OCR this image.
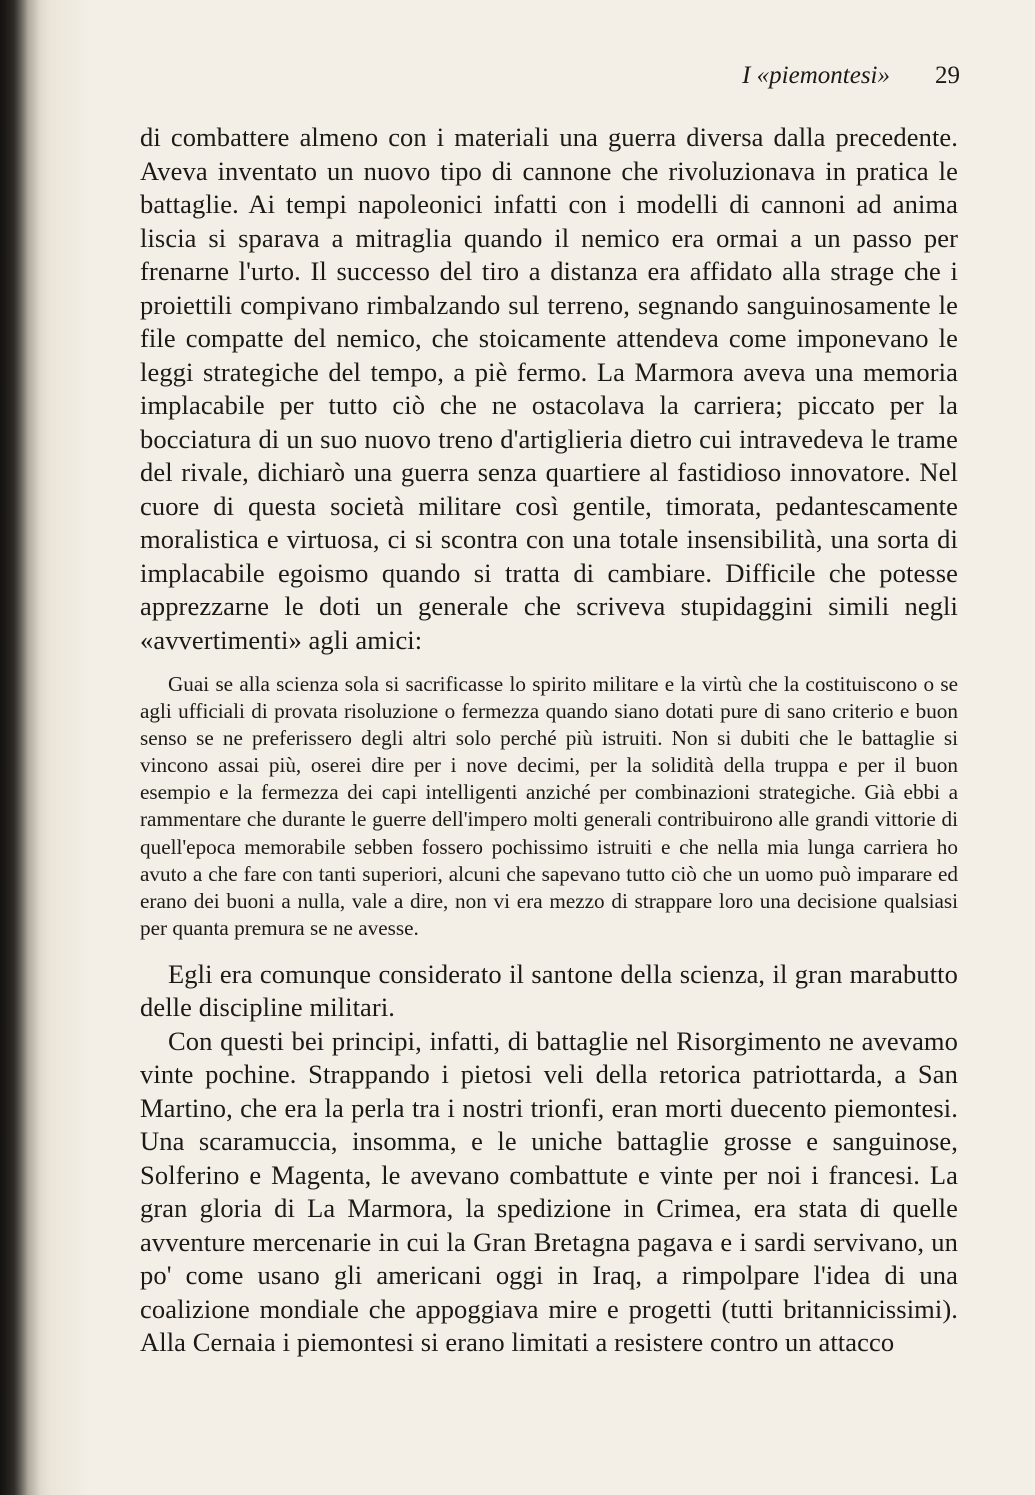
I «piemontesi» 29

di combattere almeno con i materiali una guerra diversa dalla precedente. Aveva inventato un nuovo tipo di cannone che rivoluzionava in pratica le battaglie. Ai tempi napoleonici infatti con i modelli di cannoni ad anima liscia si sparava a mitraglia quando il nemico era ormai a un passo per frenarne l'urto. Il successo del tiro a distanza era affidato alla strage che i proiettili compivano rimbalzando sul terreno, segnando sanguinosamente le file compatte del nemico, che stoicamente attendeva come imponevano le leggi strategiche del tempo, a piè fermo. La Marmora aveva una memoria implacabile per tutto ciò che ne ostacolava la carriera; piccato per la bocciatura di un suo nuovo treno d'artiglieria dietro cui intravedeva le trame del rivale, dichiarò una guerra senza quartiere al fastidioso innovatore. Nel cuore di questa società militare così gentile, timorata, pedantescamente moralistica e virtuosa, ci si scontra con una totale insensibilità, una sorta di implacabile egoismo quando si tratta di cambiare. Difficile che potesse apprezzarne le doti un generale che scriveva stupidaggini simili negli «avvertimenti» agli amici:

Guai se alla scienza sola si sacrificasse lo spirito militare e la virtù che la costituiscono o se agli ufficiali di provata risoluzione o fermezza quando siano dotati pure di sano criterio e buon senso se ne preferissero degli altri solo perché più istruiti. Non si dubiti che le battaglie si vincono assai più, oserei dire per i nove decimi, per la solidità della truppa e per il buon esempio e la fermezza dei capi intelligenti anziché per combinazioni strategiche. Già ebbi a rammentare che durante le guerre dell'impero molti generali contribuirono alle grandi vittorie di quell'epoca memorabile sebben fossero pochissimo istruiti e che nella mia lunga carriera ho avuto a che fare con tanti superiori, alcuni che sapevano tutto ciò che un uomo può imparare ed erano dei buoni a nulla, vale a dire, non vi era mezzo di strappare loro una decisione qualsiasi per quanta premura se ne avesse.

Egli era comunque considerato il santone della scienza, il gran marabutto delle discipline militari.

Con questi bei principi, infatti, di battaglie nel Risorgimento ne avevamo vinte pochine. Strappando i pietosi veli della retorica patriottarda, a San Martino, che era la perla tra i nostri trionfi, eran morti duecento piemontesi. Una scaramuccia, insomma, e le uniche battaglie grosse e sanguinose, Solferino e Magenta, le avevano combattute e vinte per noi i francesi. La gran gloria di La Marmora, la spedizione in Crimea, era stata di quelle avventure mercenarie in cui la Gran Bretagna pagava e i sardi servivano, un po' come usano gli americani oggi in Iraq, a rimpolpare l'idea di una coalizione mondiale che appoggiava mire e progetti (tutti britannicissimi). Alla Cernaia i piemontesi si erano limitati a resistere contro un attacco
